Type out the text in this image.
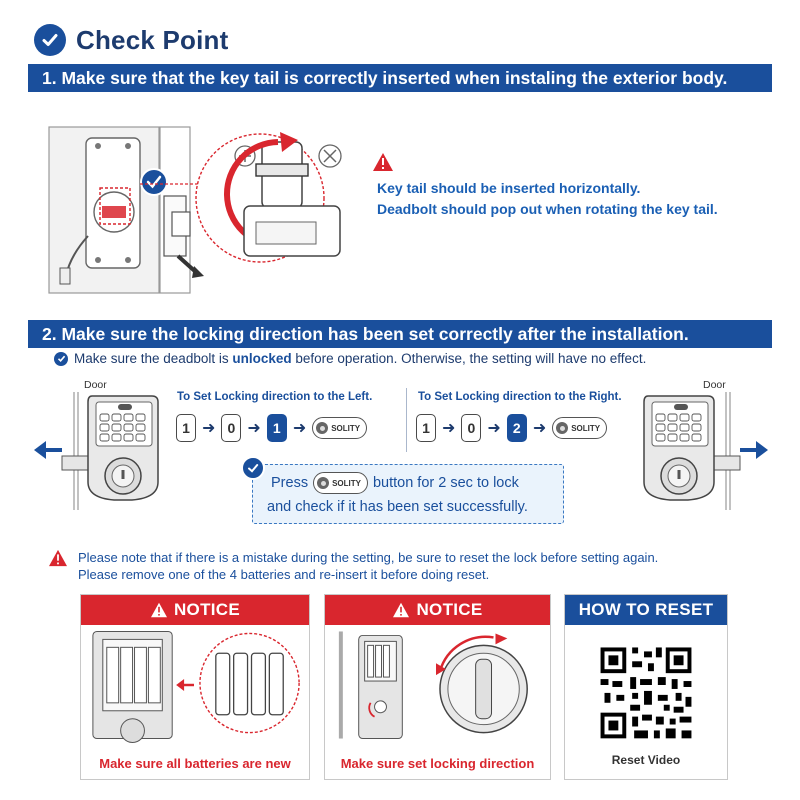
Check Point
1. Make sure that the key tail is correctly inserted when instaling the exterior body.
Key tail should be inserted horizontally.
Deadbolt should pop out when rotating the key tail.
2. Make sure the locking direction has been set correctly after the installation.
Make sure the deadbolt is unlocked before operation. Otherwise, the setting will have no effect.
Door	Door
To Set Locking direction to the Left.	To Set Locking direction to the Right.
1 ➜ 0 ➜ 1 ➜	SOLITY	1 ➜ 0 ➜ 2 ➜	SOLITY
Press	SOLITY button for 2 sec to lock
and check if it has been set successfully.
Please note that if there is a mistake during the setting, be sure to reset the lock before setting again.
Please remove one of the 4 batteries and re-insert it before doing reset.
NOTICE
Make sure all batteries are new
NOTICE
Make sure set locking direction
HOW TO RESET
Reset Video
